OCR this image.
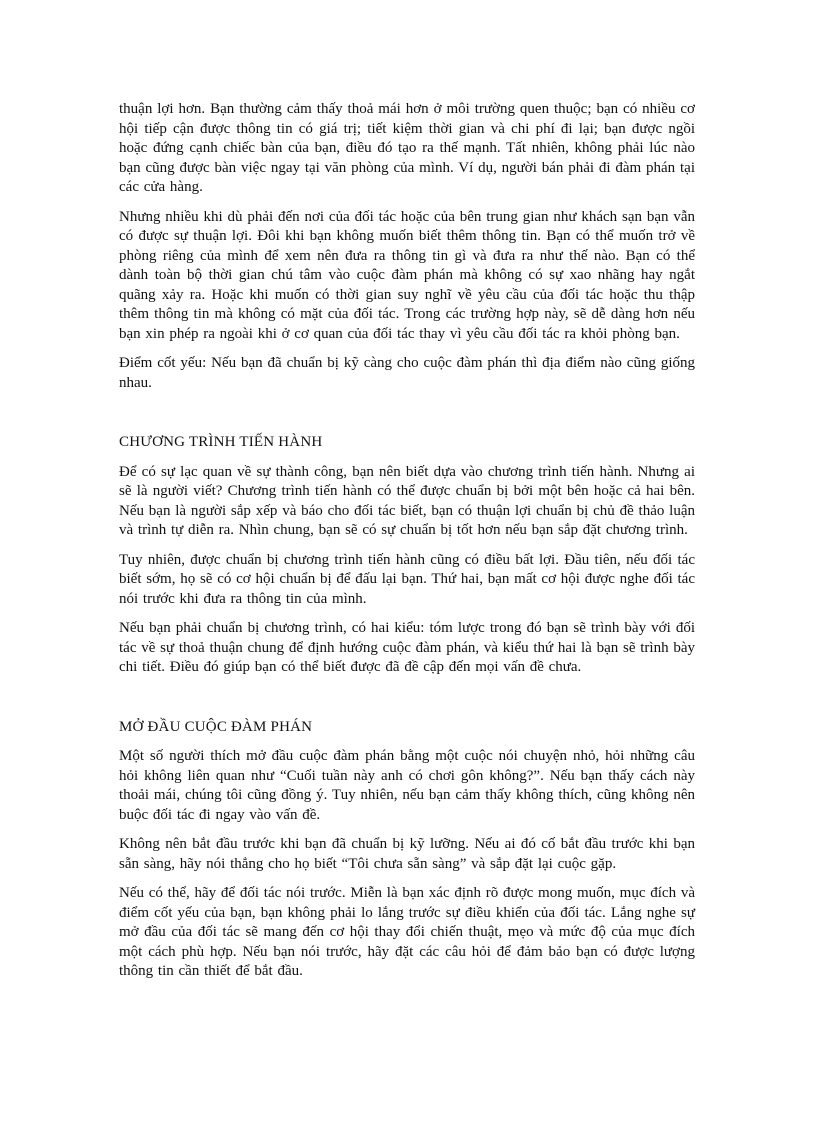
thuận lợi hơn. Bạn thường cảm thấy thoả mái hơn ở môi trường quen thuộc; bạn có nhiều cơ hội tiếp cận được thông tin có giá trị; tiết kiệm thời gian và chi phí đi lại; bạn được ngồi hoặc đứng cạnh chiếc bàn của bạn, điều đó tạo ra thế mạnh. Tất nhiên, không phải lúc nào bạn cũng được bàn việc ngay tại văn phòng của mình. Ví dụ, người bán phải đi đàm phán tại các cửa hàng.

Nhưng nhiều khi dù phải đến nơi của đối tác hoặc của bên trung gian như khách sạn bạn vẫn có được sự thuận lợi. Đôi khi bạn không muốn biết thêm thông tin. Bạn có thể muốn trở về phòng riêng của mình để xem nên đưa ra thông tin gì và đưa ra như thế nào. Bạn có thể dành toàn bộ thời gian chú tâm vào cuộc đàm phán mà không có sự xao nhãng hay ngắt quãng xảy ra. Hoặc khi muốn có thời gian suy nghĩ về yêu cầu của đối tác hoặc thu thập thêm thông tin mà không có mặt của đối tác. Trong các trường hợp này, sẽ dễ dàng hơn nếu bạn xin phép ra ngoài khi ở cơ quan của đối tác thay vì yêu cầu đối tác ra khỏi phòng bạn.

Điểm cốt yếu: Nếu bạn đã chuẩn bị kỹ càng cho cuộc đàm phán thì địa điểm nào cũng giống nhau.

CHƯƠNG TRÌNH TIẾN HÀNH

Để có sự lạc quan về sự thành công, bạn nên biết dựa vào chương trình tiến hành. Nhưng ai sẽ là người viết? Chương trình tiến hành có thể được chuẩn bị bởi một bên hoặc cả hai bên. Nếu bạn là người sắp xếp và báo cho đối tác biết, bạn có thuận lợi chuẩn bị chủ đề thảo luận và trình tự diễn ra. Nhìn chung, bạn sẽ có sự chuẩn bị tốt hơn nếu bạn sắp đặt chương trình.

Tuy nhiên, được chuẩn bị chương trình tiến hành cũng có điều bất lợi. Đầu tiên, nếu đối tác biết sớm, họ sẽ có cơ hội chuẩn bị để đấu lại bạn. Thứ hai, bạn mất cơ hội được nghe đối tác nói trước khi đưa ra thông tin của mình.

Nếu bạn phải chuẩn bị chương trình, có hai kiểu: tóm lược trong đó bạn sẽ trình bày với đối tác về sự thoả thuận chung để định hướng cuộc đàm phán, và kiểu thứ hai là bạn sẽ trình bày chi tiết. Điều đó giúp bạn có thể biết được đã đề cập đến mọi vấn đề chưa.

MỞ ĐẦU CUỘC ĐÀM PHÁN

Một số người thích mở đầu cuộc đàm phán bằng một cuộc nói chuyện nhỏ, hỏi những câu hỏi không liên quan như “Cuối tuần này anh có chơi gôn không?”. Nếu bạn thấy cách này thoải mái, chúng tôi cũng đồng ý. Tuy nhiên, nếu bạn cảm thấy không thích, cũng không nên buộc đối tác đi ngay vào vấn đề.

Không nên bắt đầu trước khi bạn đã chuẩn bị kỹ lưỡng. Nếu ai đó cố bắt đầu trước khi bạn sẵn sàng, hãy nói thẳng cho họ biết “Tôi chưa sẵn sàng” và sắp đặt lại cuộc gặp.

Nếu có thể, hãy để đối tác nói trước. Miễn là bạn xác định rõ được mong muốn, mục đích và điểm cốt yếu của bạn, bạn không phải lo lắng trước sự điều khiển của đối tác. Lắng nghe sự mở đầu của đối tác sẽ mang đến cơ hội thay đổi chiến thuật, mẹo và mức độ của mục đích một cách phù hợp. Nếu bạn nói trước, hãy đặt các câu hỏi để đảm bảo bạn có được lượng thông tin cần thiết để bắt đầu.
